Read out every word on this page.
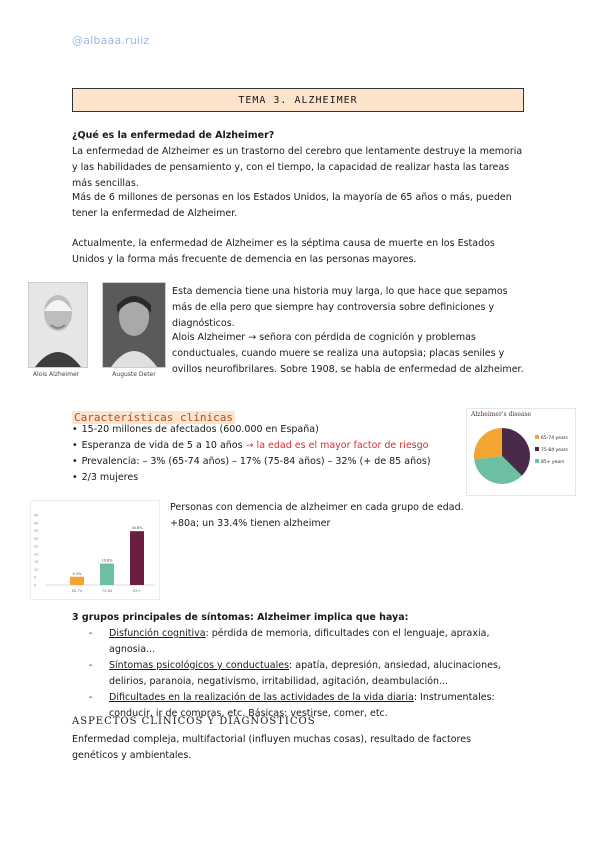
@albaaa.ruiiz
TEMA 3. ALZHEIMER
¿Qué es la enfermedad de Alzheimer?
La enfermedad de Alzheimer es un trastorno del cerebro que lentamente destruye la memoria y las habilidades de pensamiento y, con el tiempo, la capacidad de realizar hasta las tareas más sencillas.
Más de 6 millones de personas en los Estados Unidos, la mayoría de 65 años o más, pueden tener la enfermedad de Alzheimer.
Actualmente, la enfermedad de Alzheimer es la séptima causa de muerte en los Estados Unidos y la forma más frecuente de demencia en las personas mayores.
Alois Alzheimer	Auguste Deter
Esta demencia tiene una historia muy larga, lo que hace que sepamos más de ella pero que siempre hay controversia sobre definiciones y diagnósticos.
Alois Alzheimer → señora con pérdida de cognición y problemas conductuales, cuando muere se realiza una autopsia; placas seniles y ovillos neurofibrilares. Sobre 1908, se habla de enfermedad de alzheimer.
Características clínicas
• 15-20 millones de afectados (600.000 en España)
• Esperanza de vida de 5 a 10 años → la edad es el mayor factor de riesgo
• Prevalencia: – 3% (65-74 años) – 17% (75-84 años) – 32% (+ de 85 años)
• 2/3 mujeres
Alzheimer's disease
65-74 years
75-84 years
85+ years
0
5
10
15
20
25
30
35
40
45
5.3%
65-74
13.8%
75-84
34.6%
85+
Personas con demencia de alzheimer en cada grupo de edad.
+80a; un 33.4% tienen alzheimer
3 grupos principales de síntomas: Alzheimer implica que haya:
- Disfunción cognitiva: pérdida de memoria, dificultades con el lenguaje, apraxia, agnosia...
- Síntomas psicológicos y conductuales: apatía, depresión, ansiedad, alucinaciones, delirios, paranoia, negativismo, irritabilidad, agitación, deambulación...
- Dificultades en la realización de las actividades de la vida diaria: Instrumentales: conducir, ir de compras, etc. Básicas: vestirse, comer, etc.
ASPECTOS CLÍNICOS Y DIAGNÓSTICOS
Enfermedad compleja, multifactorial (influyen muchas cosas), resultado de factores genéticos y ambientales.
